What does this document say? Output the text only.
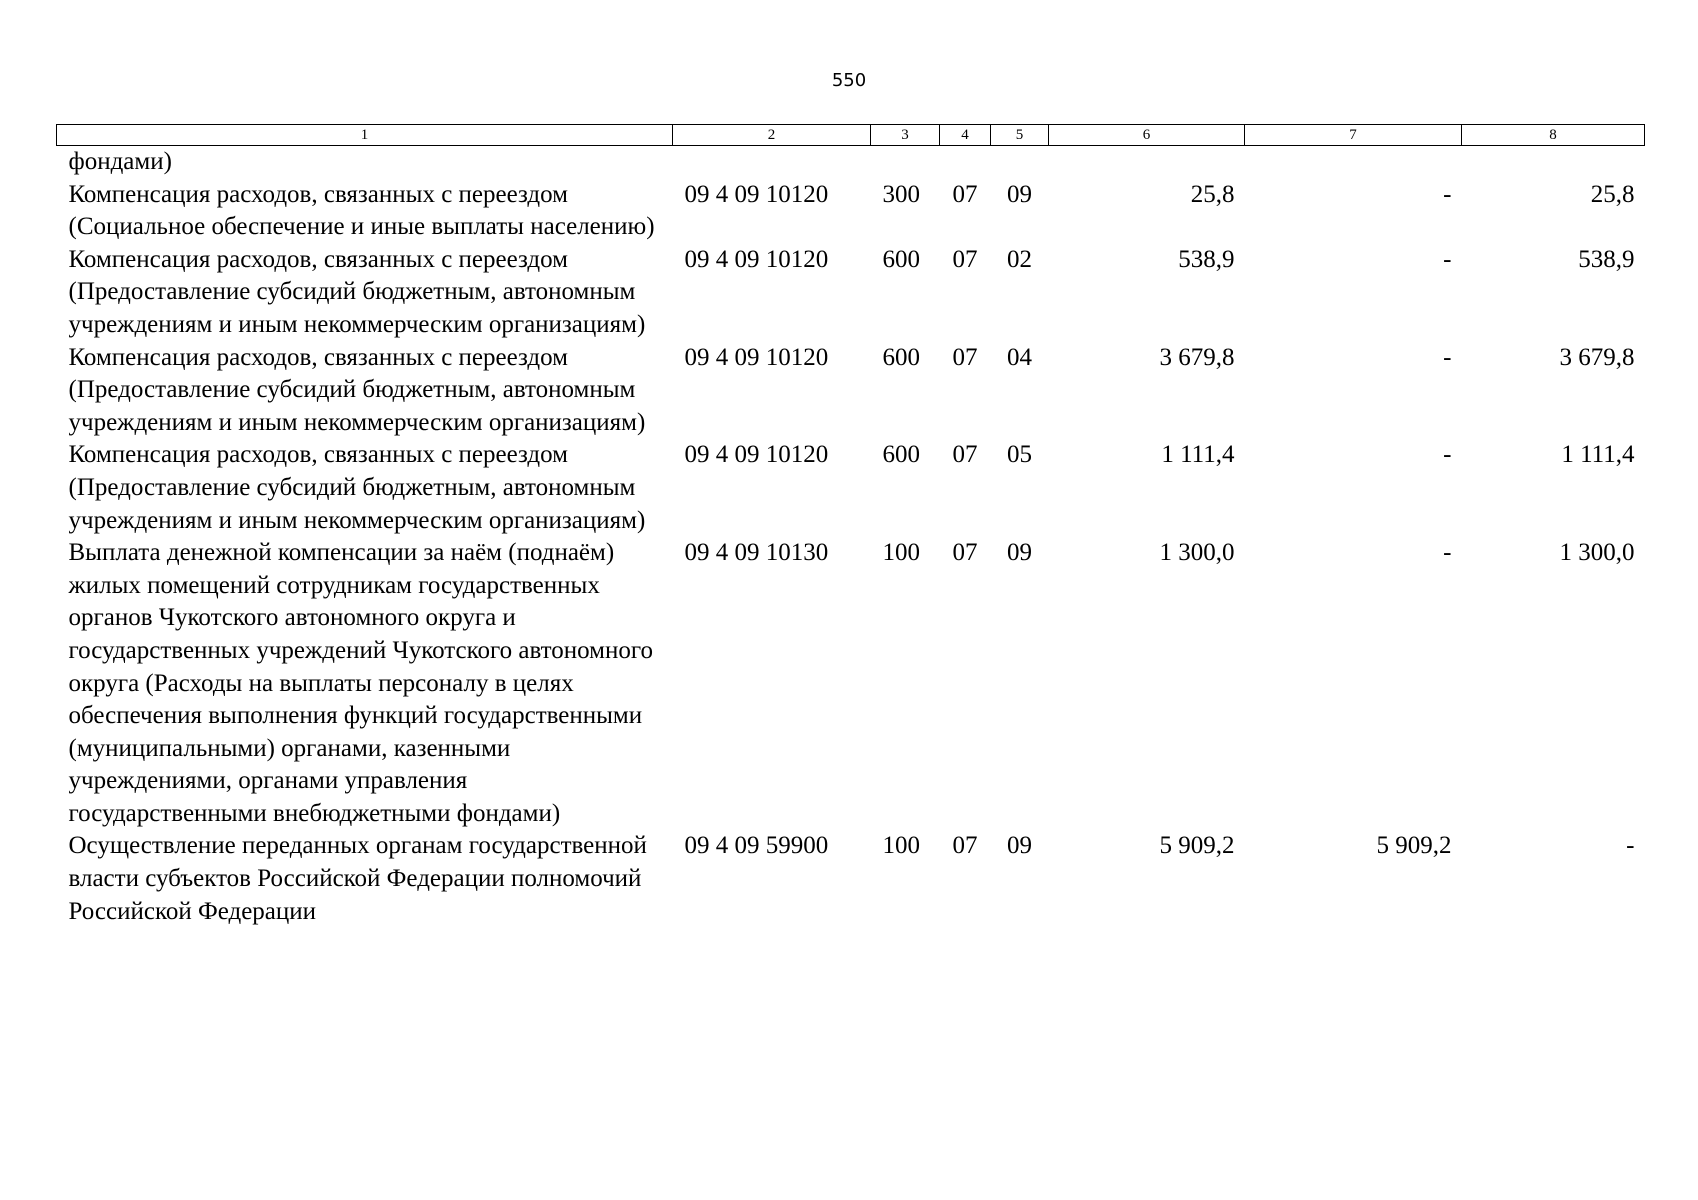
550
1	2	3	4	5	6	7	8
фондами)							
Компенсация расходов, связанных с переездом (Социальное обеспечение и иные выплаты населению)	09 4 09 10120	300	07	09	25,8	-	25,8
Компенсация расходов, связанных с переездом (Предоставление субсидий бюджетным, автономным учреждениям и иным некоммерческим организациям)	09 4 09 10120	600	07	02	538,9	-	538,9
Компенсация расходов, связанных с переездом (Предоставление субсидий бюджетным, автономным учреждениям и иным некоммерческим организациям)	09 4 09 10120	600	07	04	3 679,8	-	3 679,8
Компенсация расходов, связанных с переездом (Предоставление субсидий бюджетным, автономным учреждениям и иным некоммерческим организациям)	09 4 09 10120	600	07	05	1 111,4	-	1 111,4
Выплата денежной компенсации за наём (поднаём) жилых помещений сотрудникам государственных органов Чукотского автономного округа и государственных учреждений Чукотского автономного округа (Расходы на выплаты персоналу в целях обеспечения выполнения функций государственными (муниципальными) органами, казенными учреждениями, органами управления государственными внебюджетными фондами)	09 4 09 10130	100	07	09	1 300,0	-	1 300,0
Осуществление переданных органам государственной власти субъектов Российской Федерации полномочий Российской Федерации	09 4 09 59900	100	07	09	5 909,2	5 909,2	-
